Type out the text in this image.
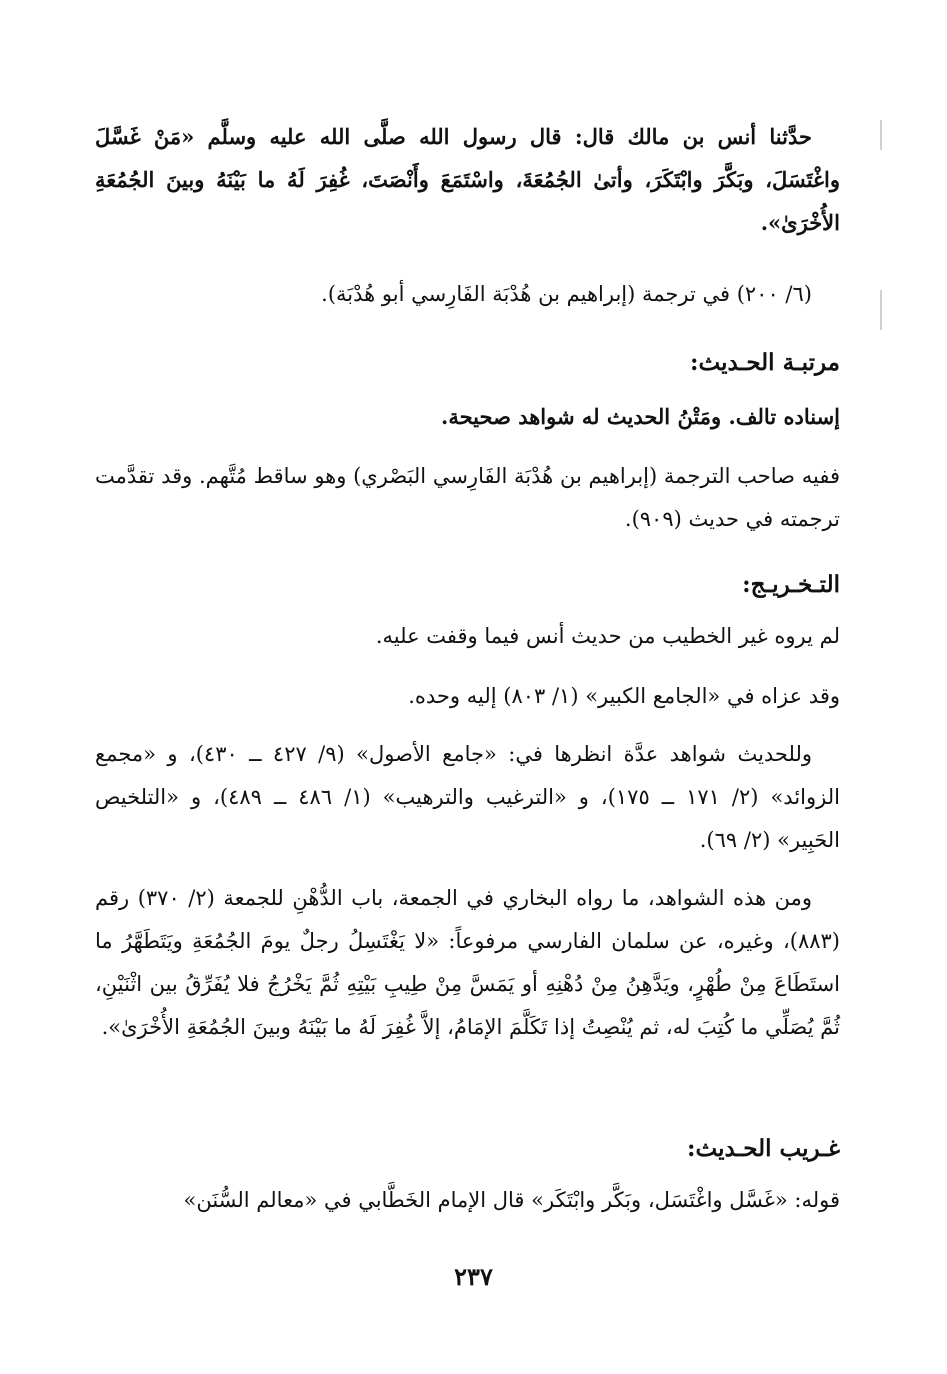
حدَّثنا أنس بن مالك قال: قال رسول الله صلَّى الله عليه وسلَّم «مَنْ غَسَّلَ واغْتَسَلَ، وبَكَّرَ وابْتَكَرَ، وأتىٰ الجُمُعَةَ، واسْتَمَعَ وأَنْصَتَ، غُفِرَ لَهُ ما بَيْنَهُ وبينَ الجُمُعَةِ الأُخْرَىٰ».

(٦/ ٢٠٠) في ترجمة (إبراهيم بن هُدْبَة الفَارِسي أبو هُدْبَة).

مرتبـة الحـديث:

إسناده تالف. ومَتْنُ الحديث له شواهد صحيحة.

ففيه صاحب الترجمة (إبراهيم بن هُدْبَة الفَارِسي البَصْري) وهو ساقط مُتَّهم. وقد تقدَّمت ترجمته في حديث (٩٠٩).

التـخـريـج:

لم يروه غير الخطيب من حديث أنس فيما وقفت عليه.

وقد عزاه في «الجامع الكبير» (١/ ٨٠٣) إليه وحده.

وللحديث شواهد عدَّة انظرها في: «جامع الأصول» (٩/ ٤٢٧ ــ ٤٣٠)، و «مجمع الزوائد» (٢/ ١٧١ ــ ١٧٥)، و «الترغيب والترهيب» (١/ ٤٨٦ ــ ٤٨٩)، و «التلخيص الحَبِير» (٢/ ٦٩).

ومن هذه الشواهد، ما رواه البخاري في الجمعة، باب الدُّهْنِ للجمعة (٢/ ٣٧٠) رقم (٨٨٣)، وغيره، عن سلمان الفارسي مرفوعاً: «لا يَغْتَسِلُ رجلٌ يومَ الجُمُعَةِ ويَتَطَهَّرُ ما استَطَاعَ مِنْ طُهْرٍ، ويَدَّهِنُ مِنْ دُهْنِهِ أو يَمَسَّ مِنْ طِيبِ بَيْتِهِ ثُمَّ يَخْرُجُ فلا يُفَرِّقُ بين اثْنَيْنِ، ثُمَّ يُصَلِّي ما كُتِبَ له، ثم يُنْصِتُ إذا تَكَلَّمَ الإمَامُ، إلاَّ غُفِرَ لَهُ ما بَيْنَهُ وبينَ الجُمُعَةِ الأُخْرَىٰ».

غـريب الحـديث:

قوله: «غَسَّل واغْتَسَل، وبَكَّر وابْتَكَر» قال الإمام الخَطَّابي في «معالم السُّنَن»

٢٣٧
